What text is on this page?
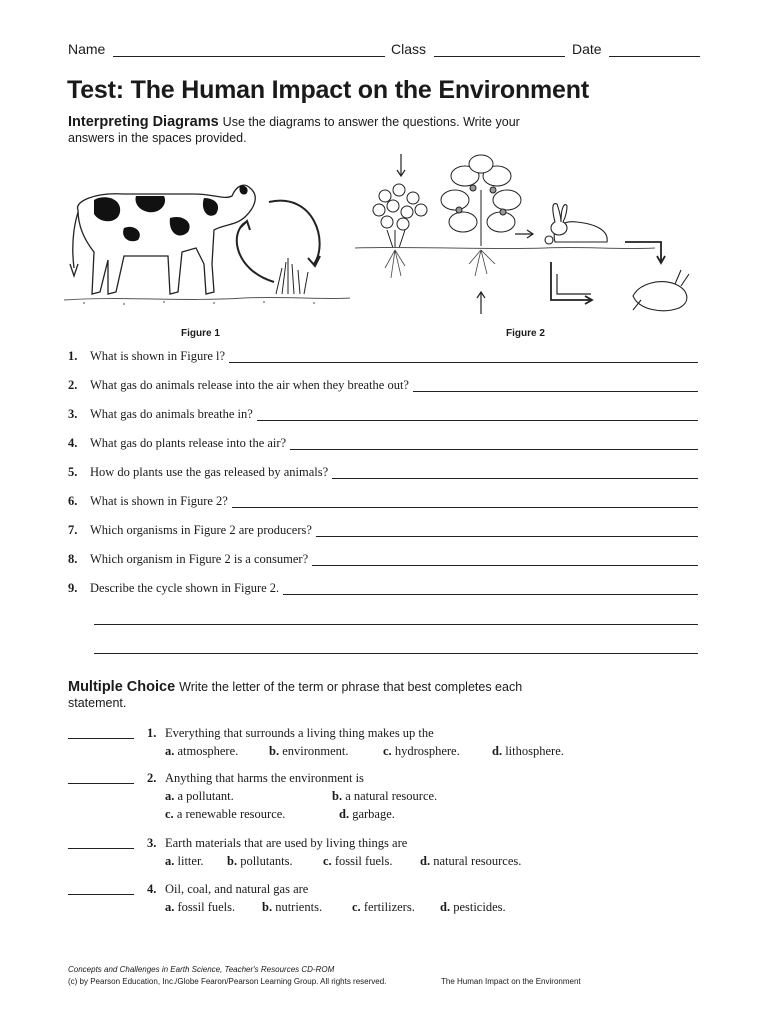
Name	Class	Date
Test: The Human Impact on the Environment
Interpreting Diagrams Use the diagrams to answer the questions. Write your answers in the spaces provided.
Figure 1	Figure 2
1. What is shown in Figure l?
2. What gas do animals release into the air when they breathe out?
3. What gas do animals breathe in?
4. What gas do plants release into the air?
5. How do plants use the gas released by animals?
6. What is shown in Figure 2?
7. Which organisms in Figure 2 are producers?
8. Which organism in Figure 2 is a consumer?
9. Describe the cycle shown in Figure 2.
Multiple Choice Write the letter of the term or phrase that best completes each statement.
1. Everything that surrounds a living thing makes up the
a. atmosphere. b. environment.	c. hydrosphere.	d. lithosphere.
2. Anything that harms the environment is
a. a pollutant.	b. a natural resource.
c. a renewable resource.	d. garbage.
3. Earth materials that are used by living things are
a. litter. b. pollutants. c. fossil fuels. d. natural resources.
4. Oil, coal, and natural gas are
a. fossil fuels. b. nutrients. c. fertilizers. d. pesticides.
Concepts and Challenges in Earth Science, Teacher's Resources CD-ROM
(c) by Pearson Education, Inc./Globe Fearon/Pearson Learning Group. All rights reserved.	The Human Impact on the Environment
